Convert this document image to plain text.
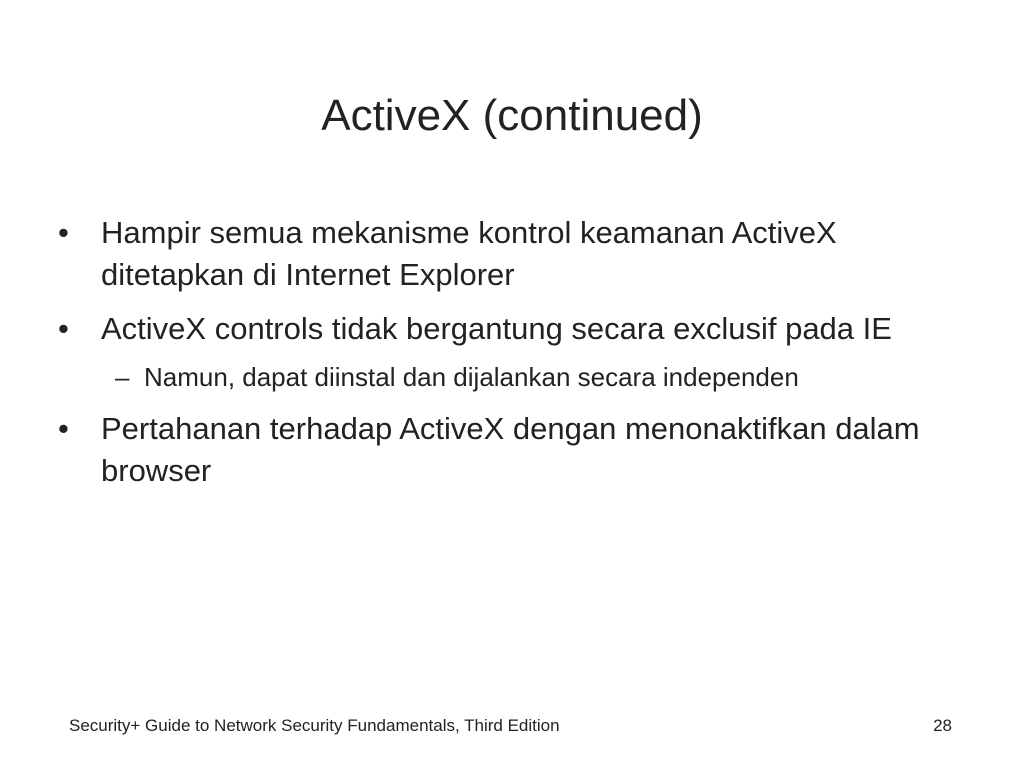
ActiveX (continued)
•	Hampir semua mekanisme kontrol keamanan ActiveX ditetapkan di Internet Explorer
•	ActiveX controls tidak bergantung secara exclusif pada IE
– Namun, dapat diinstal dan dijalankan secara independen
•	Pertahanan terhadap ActiveX dengan menonaktifkan dalam browser
Security+ Guide to Network Security Fundamentals, Third Edition	28
